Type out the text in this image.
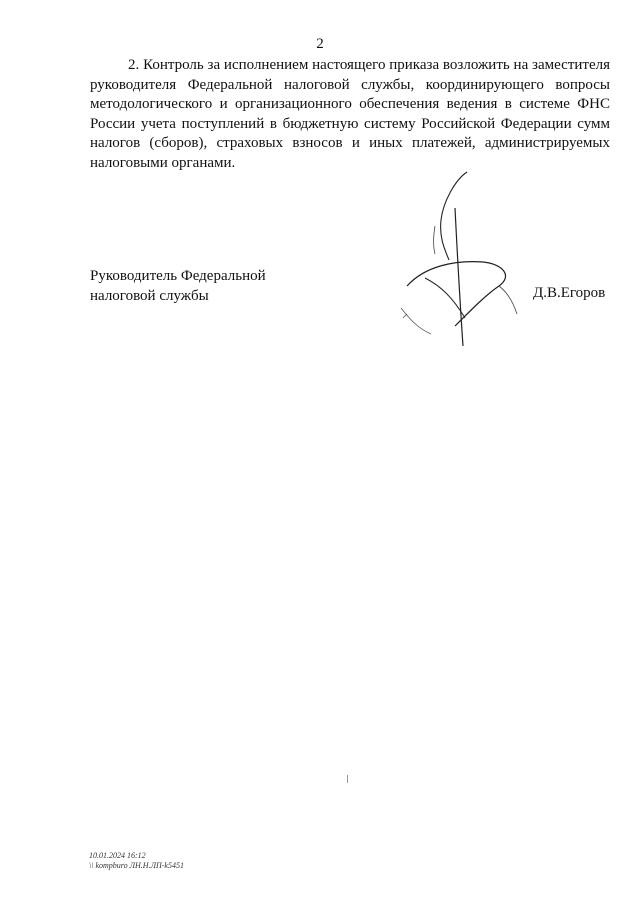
2
2. Контроль за исполнением настоящего приказа возложить на заместителя руководителя Федеральной налоговой службы, координирующего вопросы методологического и организационного обеспечения ведения в системе ФНС России учета поступлений в бюджетную систему Российской Федерации сумм налогов (сборов), страховых взносов и иных платежей, администрируемых налоговыми органами.
Руководитель Федеральной
налоговой службы	Д.В.Егоров
10.01.2024 16:12
\\ kompburo ЛН.Н.ЛП-k5451
